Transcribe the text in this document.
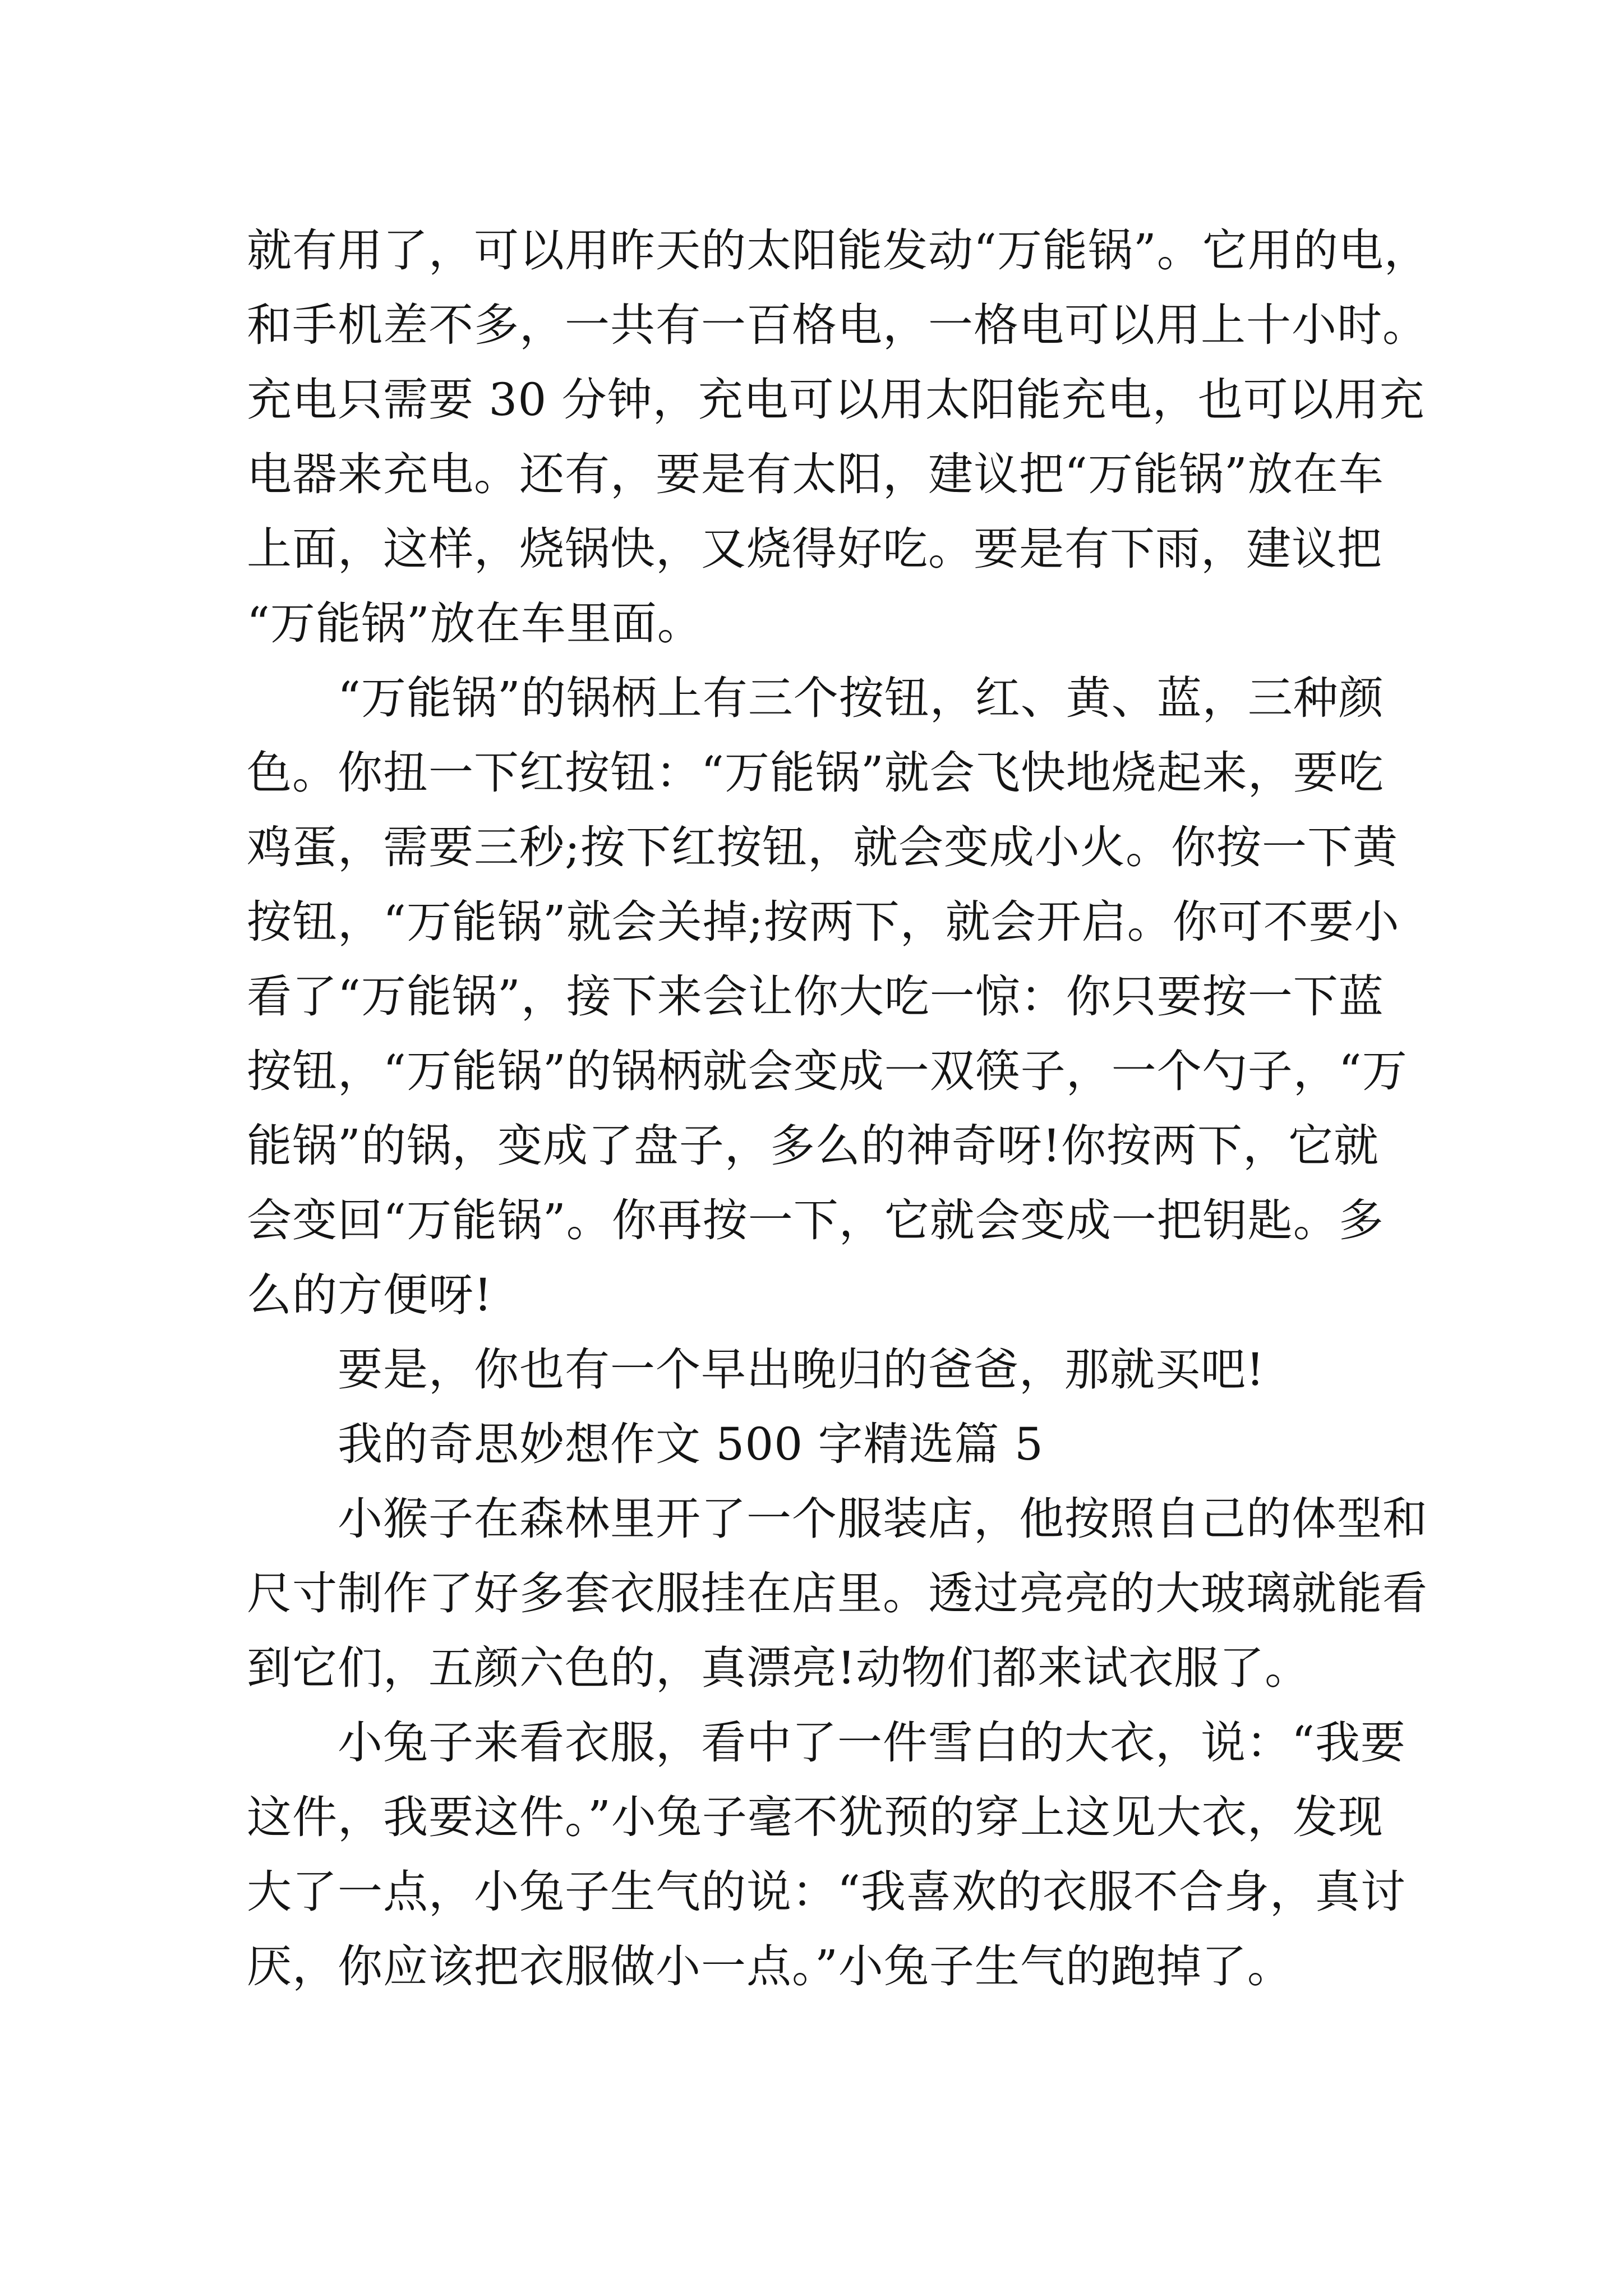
就有用了，可以用昨天的太阳能发动“万能锅”。它用的电，
和手机差不多，一共有一百格电，一格电可以用上十小时。
充电只需要 30 分钟，充电可以用太阳能充电，也可以用充
电器来充电。还有，要是有太阳，建议把“万能锅”放在车
上面，这样，烧锅快，又烧得好吃。要是有下雨，建议把
“万能锅”放在车里面。
“万能锅”的锅柄上有三个按钮，红、黄、蓝，三种颜
色。你扭一下红按钮：“万能锅”就会飞快地烧起来，要吃
鸡蛋，需要三秒;按下红按钮，就会变成小火。你按一下黄
按钮，“万能锅”就会关掉;按两下，就会开启。你可不要小
看了“万能锅”，接下来会让你大吃一惊：你只要按一下蓝
按钮，“万能锅”的锅柄就会变成一双筷子，一个勺子，“万
能锅”的锅，变成了盘子，多么的神奇呀!你按两下，它就
会变回“万能锅”。你再按一下，它就会变成一把钥匙。多
么的方便呀!
要是，你也有一个早出晚归的爸爸，那就买吧!
我的奇思妙想作文 500 字精选篇 5
小猴子在森林里开了一个服装店，他按照自己的体型和
尺寸制作了好多套衣服挂在店里。透过亮亮的大玻璃就能看
到它们，五颜六色的，真漂亮!动物们都来试衣服了。
小兔子来看衣服，看中了一件雪白的大衣，说：“我要
这件，我要这件。”小兔子毫不犹预的穿上这见大衣，发现
大了一点，小兔子生气的说：“我喜欢的衣服不合身，真讨
厌，你应该把衣服做小一点。”小兔子生气的跑掉了。
